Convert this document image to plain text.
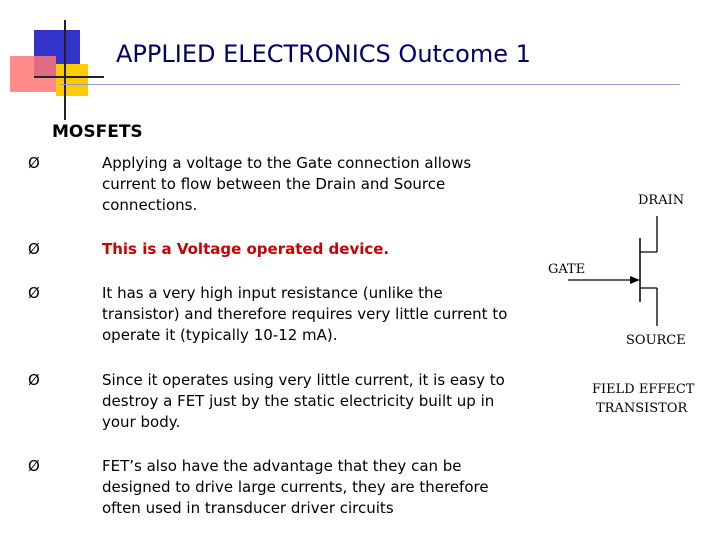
APPLIED ELECTRONICS Outcome 1
MOSFETS
Ø	Applying a voltage to the Gate connection allows current to flow between the Drain and Source connections.
Ø	This is a Voltage operated device.
Ø	It has a very high input resistance (unlike the transistor) and therefore requires very little current to operate it (typically 10-12 mA).
Ø	Since it operates using very little current, it is easy to destroy a FET just by the static electricity built up in your body.
Ø	FET’s also have the advantage that they can be designed to drive large currents, they are therefore often used in transducer driver circuits
DRAIN
GATE
SOURCE
FIELD EFFECT
TRANSISTOR
